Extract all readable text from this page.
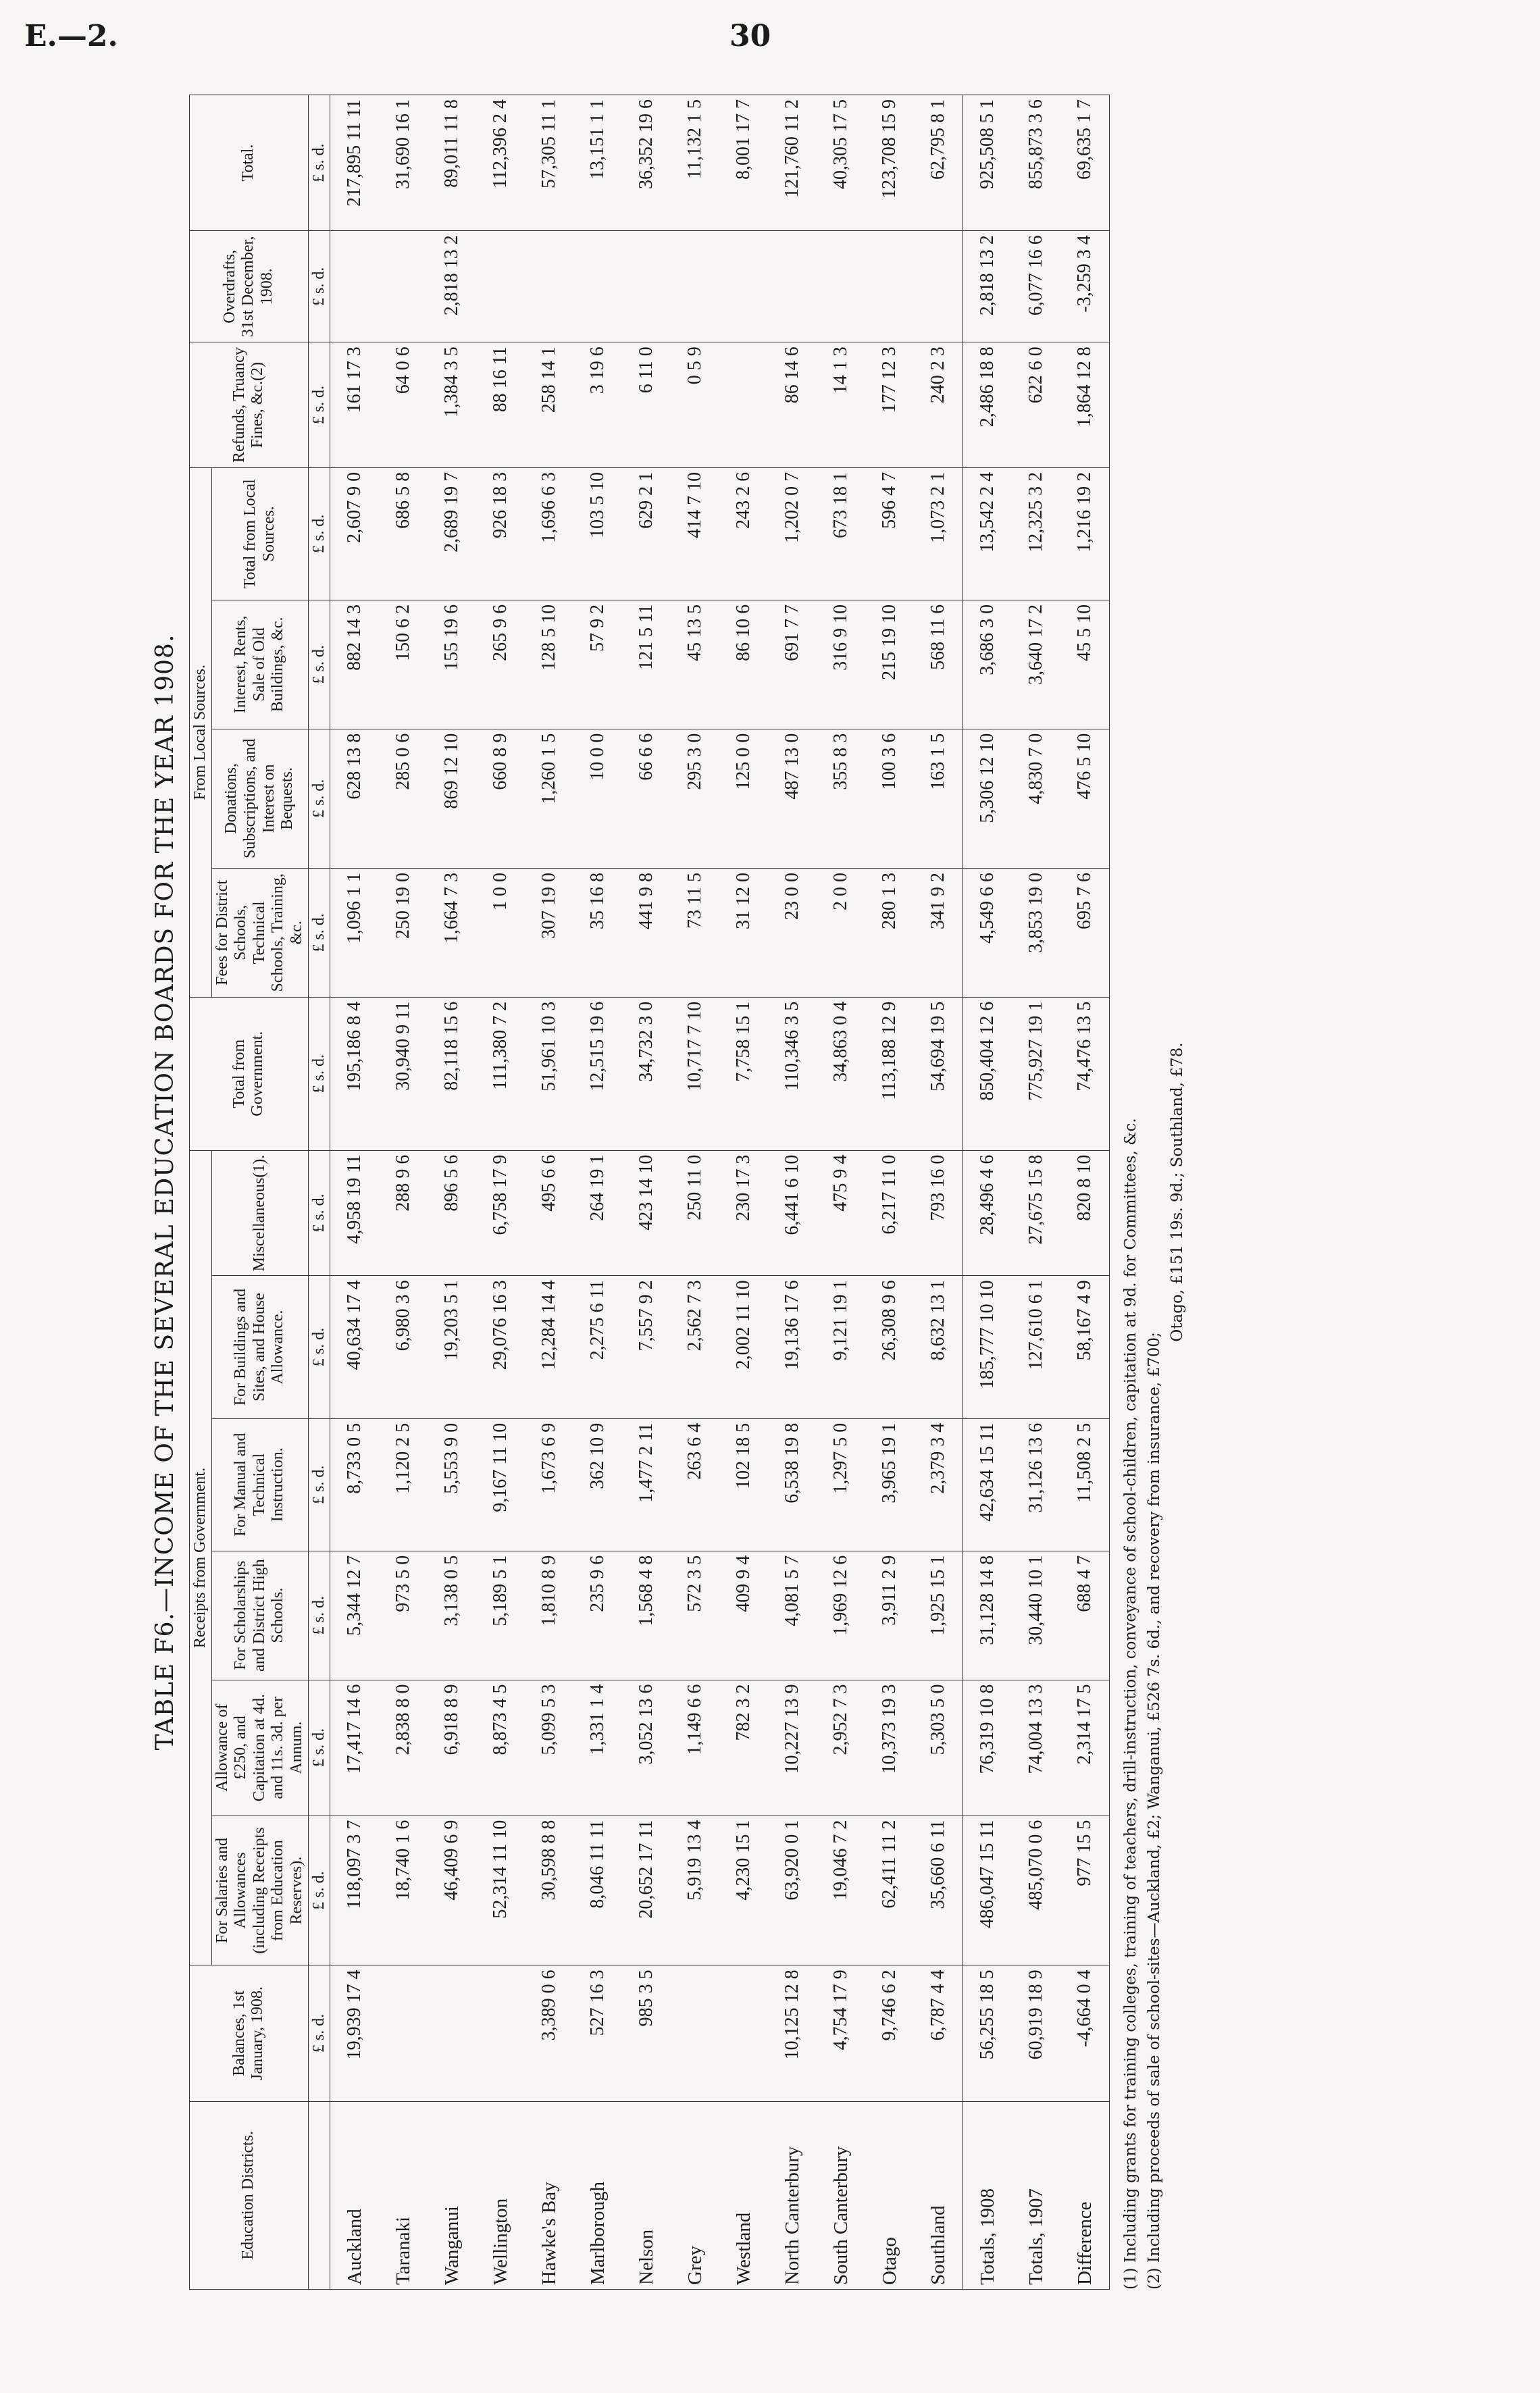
E.—2.	30
TABLE F6.—INCOME OF THE SEVERAL EDUCATION BOARDS FOR THE YEAR 1908.
Education Districts.	Balances, 1st January, 1908.	Receipts from Government.						Total from Government.	From Local Sources.				Refunds, Truancy Fines, &c.(2)	Overdrafts, 31st December, 1908.	Total.
		For Salaries and Allowances (including Receipts from Education Reserves).	Allowance of £250, and Capitation at 4d. and 11s. 3d. per Annum.	For Scholarships and District High Schools.	For Manual and Technical Instruction.	For Buildings and Sites, and House Allowance.	Miscellaneous(1).		Fees for District Schools, Technical Schools, Training, &c.	Donations, Subscriptions, and Interest on Bequests.	Interest, Rents, Sale of Old Buildings, &c.	Total from Local Sources.			
	£ s. d.	£ s. d.	£ s. d.	£ s. d.	£ s. d.	£ s. d.	£ s. d.	£ s. d.	£ s. d.	£ s. d.	£ s. d.	£ s. d.	£ s. d.	£ s. d.	£ s. d.
Auckland	19,939 17 4	118,097 3 7	17,417 14 6	5,344 12 7	8,733 0 5	40,634 17 4	4,958 19 11	195,186 8 4	1,096 1 1	628 13 8	882 14 3	2,607 9 0	161 17 3		217,895 11 11
Taranaki		18,740 1 6	2,838 8 0	973 5 0	1,120 2 5	6,980 3 6	288 9 6	30,940 9 11	250 19 0	285 0 6	150 6 2	686 5 8	64 0 6		31,690 16 1
Wanganui		46,409 6 9	6,918 8 9	3,138 0 5	5,553 9 0	19,203 5 1	896 5 6	82,118 15 6	1,664 7 3	869 12 10	155 19 6	2,689 19 7	1,384 3 5	2,818 13 2	89,011 11 8
Wellington		52,314 11 10	8,873 4 5	5,189 5 1	9,167 11 10	29,076 16 3	6,758 17 9	111,380 7 2	1 0 0	660 8 9	265 9 6	926 18 3	88 16 11		112,396 2 4
Hawke's Bay	3,389 0 6	30,598 8 8	5,099 5 3	1,810 8 9	1,673 6 9	12,284 14 4	495 6 6	51,961 10 3	307 19 0	1,260 1 5	128 5 10	1,696 6 3	258 14 1		57,305 11 1
Marlborough	527 16 3	8,046 11 11	1,331 1 4	235 9 6	362 10 9	2,275 6 11	264 19 1	12,515 19 6	35 16 8	10 0 0	57 9 2	103 5 10	3 19 6		13,151 1 1
Nelson	985 3 5	20,652 17 11	3,052 13 6	1,568 4 8	1,477 2 11	7,557 9 2	423 14 10	34,732 3 0	441 9 8	66 6 6	121 5 11	629 2 1	6 11 0		36,352 19 6
Grey		5,919 13 4	1,149 6 6	572 3 5	263 6 4	2,562 7 3	250 11 0	10,717 7 10	73 11 5	295 3 0	45 13 5	414 7 10	0 5 9		11,132 1 5
Westland		4,230 15 1	782 3 2	409 9 4	102 18 5	2,002 11 10	230 17 3	7,758 15 1	31 12 0	125 0 0	86 10 6	243 2 6			8,001 17 7
North Canterbury	10,125 12 8	63,920 0 1	10,227 13 9	4,081 5 7	6,538 19 8	19,136 17 6	6,441 6 10	110,346 3 5	23 0 0	487 13 0	691 7 7	1,202 0 7	86 14 6		121,760 11 2
South Canterbury	4,754 17 9	19,046 7 2	2,952 7 3	1,969 12 6	1,297 5 0	9,121 19 1	475 9 4	34,863 0 4	2 0 0	355 8 3	316 9 10	673 18 1	14 1 3		40,305 17 5
Otago	9,746 6 2	62,411 11 2	10,373 19 3	3,911 2 9	3,965 19 1	26,308 9 6	6,217 11 0	113,188 12 9	280 1 3	100 3 6	215 19 10	596 4 7	177 12 3		123,708 15 9
Southland	6,787 4 4	35,660 6 11	5,303 5 0	1,925 15 1	2,379 3 4	8,632 13 1	793 16 0	54,694 19 5	341 9 2	163 1 5	568 11 6	1,073 2 1	240 2 3		62,795 8 1
Totals, 1908	56,255 18 5	486,047 15 11	76,319 10 8	31,128 14 8	42,634 15 11	185,777 10 10	28,496 4 6	850,404 12 6	4,549 6 6	5,306 12 10	3,686 3 0	13,542 2 4	2,486 18 8	2,818 13 2	925,508 5 1
Totals, 1907	60,919 18 9	485,070 0 6	74,004 13 3	30,440 10 1	31,126 13 6	127,610 6 1	27,675 15 8	775,927 19 1	3,853 19 0	4,830 7 0	3,640 17 2	12,325 3 2	622 6 0	6,077 16 6	855,873 3 6
Difference	-4,664 0 4	977 15 5	2,314 17 5	688 4 7	11,508 2 5	58,167 4 9	820 8 10	74,476 13 5	695 7 6	476 5 10	45 5 10	1,216 19 2	1,864 12 8	-3,259 3 4	69,635 1 7
(1) Including grants for training colleges, training of teachers, drill-instruction, conveyance of school-children, capitation at 9d. for Committees, &c. (2) Including proceeds of sale of school-sites—Auckland, £2; Wanganui, £526 7s. 6d., and recovery from insurance, £700;
Otago, £151 19s. 9d.; Southland, £78.
